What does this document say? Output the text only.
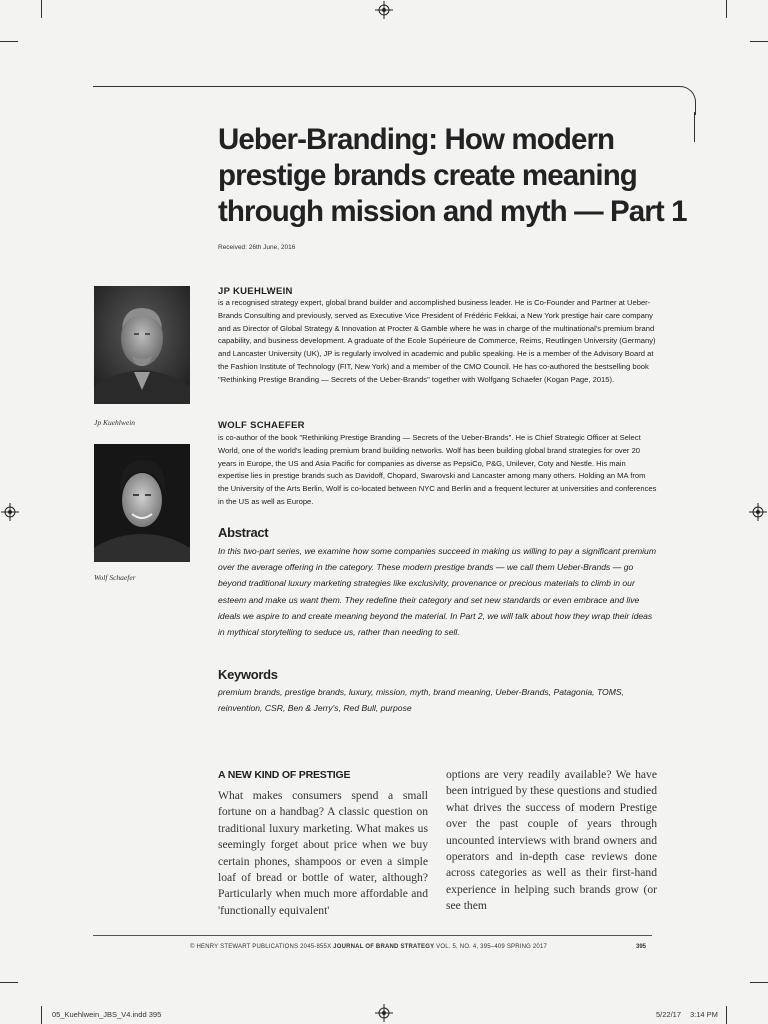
Ueber-Branding: How modern prestige brands create meaning through mission and myth — Part 1
Received: 26th June, 2016
Jp Kuehlwein
Wolf Schaefer
JP KUEHLWEIN
is a recognised strategy expert, global brand builder and accomplished business leader. He is Co-Founder and Partner at Ueber-Brands Consulting and previously, served as Executive Vice President of Frédéric Fekkai, a New York prestige hair care company and as Director of Global Strategy & Innovation at Procter & Gamble where he was in charge of the multinational's premium brand capability, and business development. A graduate of the Ecole Supérieure de Commerce, Reims, Reutlingen University (Germany) and Lancaster University (UK), JP is regularly involved in academic and public speaking. He is a member of the Advisory Board at the Fashion Institute of Technology (FIT, New York) and a member of the CMO Council. He has co-authored the bestselling book "Rethinking Prestige Branding — Secrets of the Ueber-Brands" together with Wolfgang Schaefer (Kogan Page, 2015).
WOLF SCHAEFER
is co-author of the book "Rethinking Prestige Branding — Secrets of the Ueber-Brands". He is Chief Strategic Officer at Select World, one of the world's leading premium brand building networks. Wolf has been building global brand strategies for over 20 years in Europe, the US and Asia Pacific for companies as diverse as PepsiCo, P&G, Unilever, Coty and Nestle. His main expertise lies in prestige brands such as Davidoff, Chopard, Swarovski and Lancaster among many others. Holding an MA from the University of the Arts Berlin, Wolf is co-located between NYC and Berlin and a frequent lecturer at universities and conferences in the US as well as Europe.
Abstract
In this two-part series, we examine how some companies succeed in making us willing to pay a significant premium over the average offering in the category. These modern prestige brands — we call them Ueber-Brands — go beyond traditional luxury marketing strategies like exclusivity, provenance or precious materials to climb in our esteem and make us want them. They redefine their category and set new standards or even embrace and live ideals we aspire to and create meaning beyond the material. In Part 2, we will talk about how they wrap their ideas in mythical storytelling to seduce us, rather than needing to sell.
Keywords
premium brands, prestige brands, luxury, mission, myth, brand meaning, Ueber-Brands, Patagonia, TOMS, reinvention, CSR, Ben & Jerry's, Red Bull, purpose
A NEW KIND OF PRESTIGE
What makes consumers spend a small fortune on a handbag? A classic question on traditional luxury marketing. What makes us seemingly forget about price when we buy certain phones, shampoos or even a simple loaf of bread or bottle of water, although? Particularly when much more affordable and 'functionally equivalent'
options are very readily available? We have been intrigued by these questions and studied what drives the success of modern Prestige over the past couple of years through uncounted interviews with brand owners and operators and in-depth case reviews done across categories as well as their first-hand experience in helping such brands grow (or see them
© HENRY STEWART PUBLICATIONS 2045-855X JOURNAL OF BRAND STRATEGY VOL. 5, NO. 4, 395–409 SPRING 2017	395
05_Kuehlwein_JBS_V4.indd 395	5/22/17 3:14 PM
